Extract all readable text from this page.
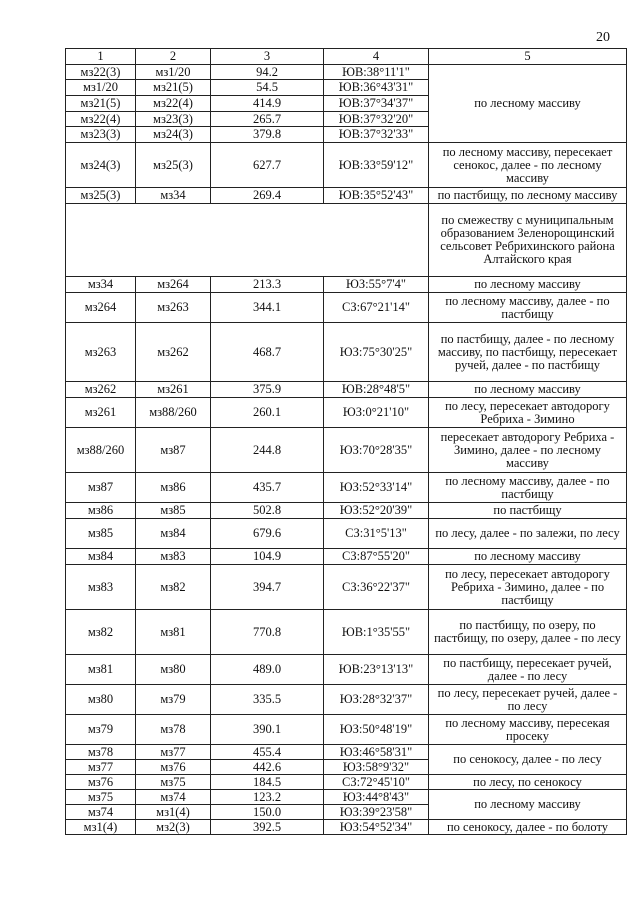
20
1	2	3	4	5
мз22(3)	мз1/20	94.2	ЮВ:38°11'1"	по лесному массиву
мз1/20	мз21(5)	54.5	ЮВ:36°43'31"	
мз21(5)	мз22(4)	414.9	ЮВ:37°34'37"	
мз22(4)	мз23(3)	265.7	ЮВ:37°32'20"	
мз23(3)	мз24(3)	379.8	ЮВ:37°32'33"	
мз24(3)	мз25(3)	627.7	ЮВ:33°59'12"	по лесному массиву, пересекает сенокос, далее - по лесному массиву
мз25(3)	мз34	269.4	ЮВ:35°52'43"	по пастбищу, по лесному массиву
				по смежеству с муниципальным образованием Зеленорощинский сельсовет Ребрихинского района Алтайского края
мз34	мз264	213.3	ЮЗ:55°7'4"	по лесному массиву
мз264	мз263	344.1	СЗ:67°21'14"	по лесному массиву, далее - по пастбищу
мз263	мз262	468.7	ЮЗ:75°30'25"	по пастбищу, далее - по лесному массиву, по пастбищу, пересекает ручей, далее - по пастбищу
мз262	мз261	375.9	ЮВ:28°48'5"	по лесному массиву
мз261	мз88/260	260.1	ЮЗ:0°21'10"	по лесу, пересекает автодорогу Ребриха - Зимино
мз88/260	мз87	244.8	ЮЗ:70°28'35"	пересекает автодорогу Ребриха - Зимино, далее - по лесному массиву
мз87	мз86	435.7	ЮЗ:52°33'14"	по лесному массиву, далее - по пастбищу
мз86	мз85	502.8	ЮЗ:52°20'39"	по пастбищу
мз85	мз84	679.6	СЗ:31°5'13"	по лесу, далее - по залежи, по лесу
мз84	мз83	104.9	СЗ:87°55'20"	по лесному массиву
мз83	мз82	394.7	СЗ:36°22'37"	по лесу, пересекает автодорогу Ребриха - Зимино, далее - по пастбищу
мз82	мз81	770.8	ЮВ:1°35'55"	по пастбищу, по озеру, по пастбищу, по озеру, далее - по лесу
мз81	мз80	489.0	ЮВ:23°13'13"	по пастбищу, пересекает ручей, далее - по лесу
мз80	мз79	335.5	ЮЗ:28°32'37"	по лесу, пересекает ручей, далее - по лесу
мз79	мз78	390.1	ЮЗ:50°48'19"	по лесному массиву, пересекая просеку
мз78	мз77	455.4	ЮЗ:46°58'31"	по сенокосу, далее - по лесу
мз77	мз76	442.6	ЮЗ:58°9'32"	
мз76	мз75	184.5	СЗ:72°45'10"	по лесу, по сенокосу
мз75	мз74	123.2	ЮЗ:44°8'43"	по лесному массиву
мз74	мз1(4)	150.0	ЮЗ:39°23'58"	
мз1(4)	мз2(3)	392.5	ЮЗ:54°52'34"	по сенокосу, далее - по болоту
